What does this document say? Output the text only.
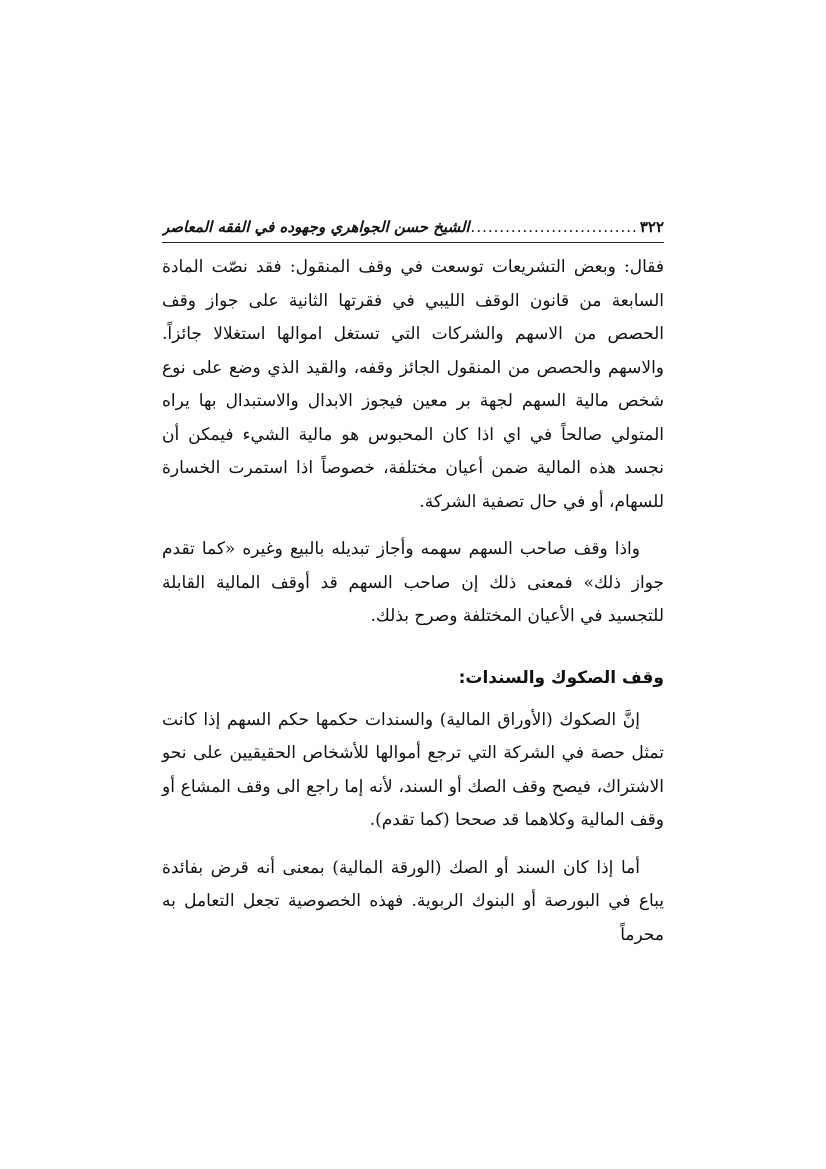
٣٢٢
.....
الشيخ حسن الجواهري وجهوده في الفقه المعاصر

فقال: وبعض التشريعات توسعت في وقف المنقول: فقد نصّت المادة السابعة من قانون الوقف الليبي في فقرتها الثانية على جواز وقف الحصص من الاسهم والشركات التي تستغل اموالها استغلالا جائزاً. والاسهم والحصص من المنقول الجائز وقفه، والقيد الذي وضع على نوع شخص مالية السهم لجهة بر معين فيجوز الابدال والاستبدال بها يراه المتولي صالحاً في اي اذا كان المحبوس هو مالية الشيء فيمكن أن نجسد هذه المالية ضمن أعيان مختلفة، خصوصاً اذا استمرت الخسارة للسهام، أو في حال تصفية الشركة.

واذا وقف صاحب السهم سهمه وأجاز تبديله بالبيع وغيره «كما تقدم جواز ذلك» فمعنى ذلك إن صاحب السهم قد أوقف المالية القابلة للتجسيد في الأعيان المختلفة وصرح بذلك.

وقف الصكوك والسندات:

إنَّ الصكوك (الأوراق المالية) والسندات حكمها حكم السهم إذا كانت تمثل حصة في الشركة التي ترجع أموالها للأشخاص الحقيقيين على نحو الاشتراك، فيصح وقف الصك أو السند، لأنه إما راجع الى وقف المشاع أو وقف المالية وكلاهما قد صححا (كما تقدم).

أما إذا كان السند أو الصك (الورقة المالية) بمعنى أنه قرض بفائدة يباع في البورصة أو البنوك الربوية. فهذه الخصوصية تجعل التعامل به محرماً
